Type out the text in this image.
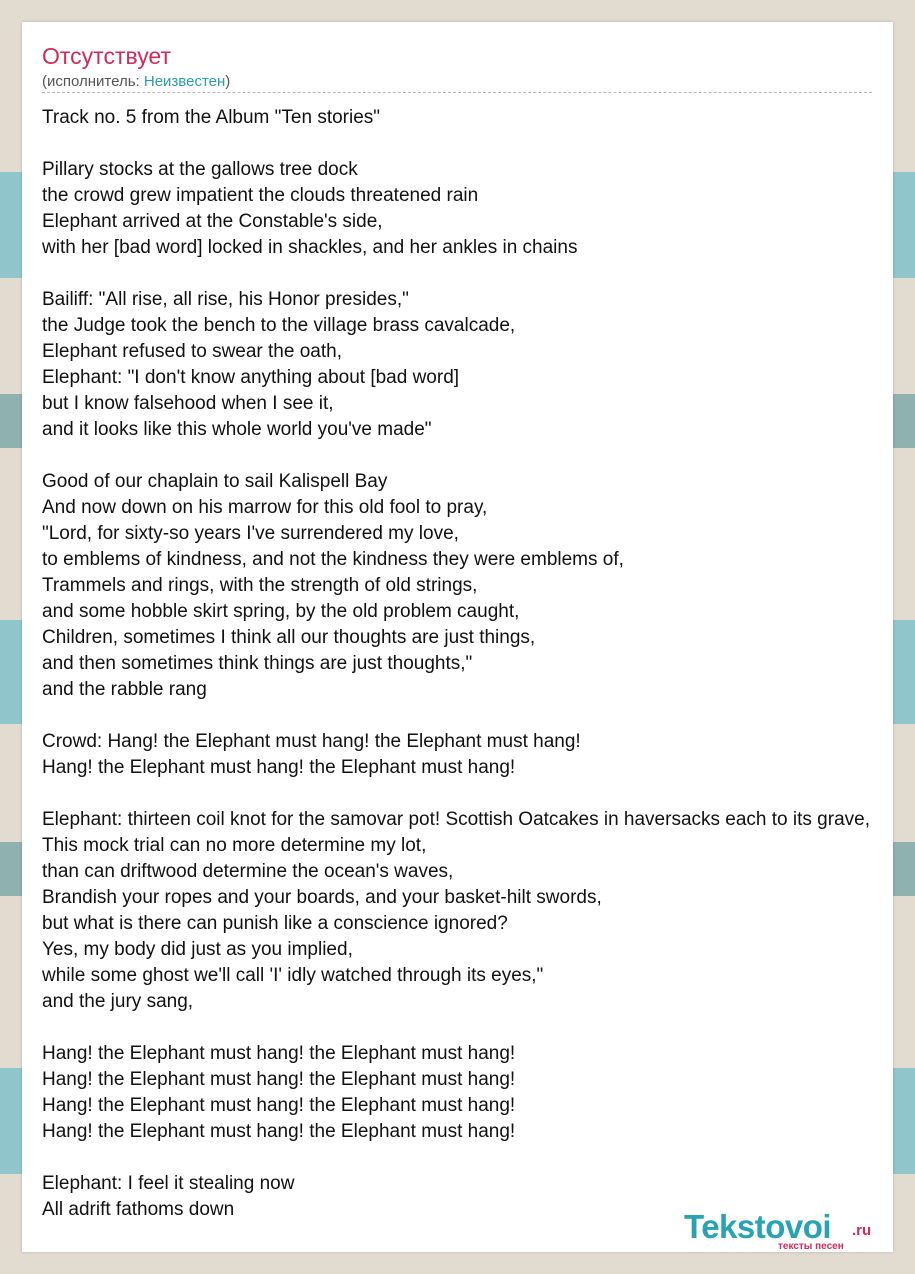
Отсутствует
(исполнитель: Неизвестен)
Track no. 5 from the Album "Ten stories"
Pillary stocks at the gallows tree dock
the crowd grew impatient the clouds threatened rain
Elephant arrived at the Constable's side,
with her [bad word] locked in shackles, and her ankles in chains
Bailiff: "All rise, all rise, his Honor presides,"
the Judge took the bench to the village brass cavalcade,
Elephant refused to swear the oath,
Elephant: "I don't know anything about [bad word]
but I know falsehood when I see it,
and it looks like this whole world you've made"
Good of our chaplain to sail Kalispell Bay
And now down on his marrow for this old fool to pray,
"Lord, for sixty-so years I've surrendered my love,
to emblems of kindness, and not the kindness they were emblems of,
Trammels and rings, with the strength of old strings,
and some hobble skirt spring, by the old problem caught,
Children, sometimes I think all our thoughts are just things,
and then sometimes think things are just thoughts,"
and the rabble rang
Crowd: Hang! the Elephant must hang! the Elephant must hang!
Hang! the Elephant must hang! the Elephant must hang!
Elephant: thirteen coil knot for the samovar pot! Scottish Oatcakes in haversacks each to its grave,
This mock trial can no more determine my lot,
than can driftwood determine the ocean's waves,
Brandish your ropes and your boards, and your basket-hilt swords,
but what is there can punish like a conscience ignored?
Yes, my body did just as you implied,
while some ghost we'll call 'I' idly watched through its eyes,"
and the jury sang,
Hang! the Elephant must hang! the Elephant must hang!
Hang! the Elephant must hang! the Elephant must hang!
Hang! the Elephant must hang! the Elephant must hang!
Hang! the Elephant must hang! the Elephant must hang!
Elephant: I feel it stealing now
All adrift fathoms down	Tekstovoi .ru
тексты песен
